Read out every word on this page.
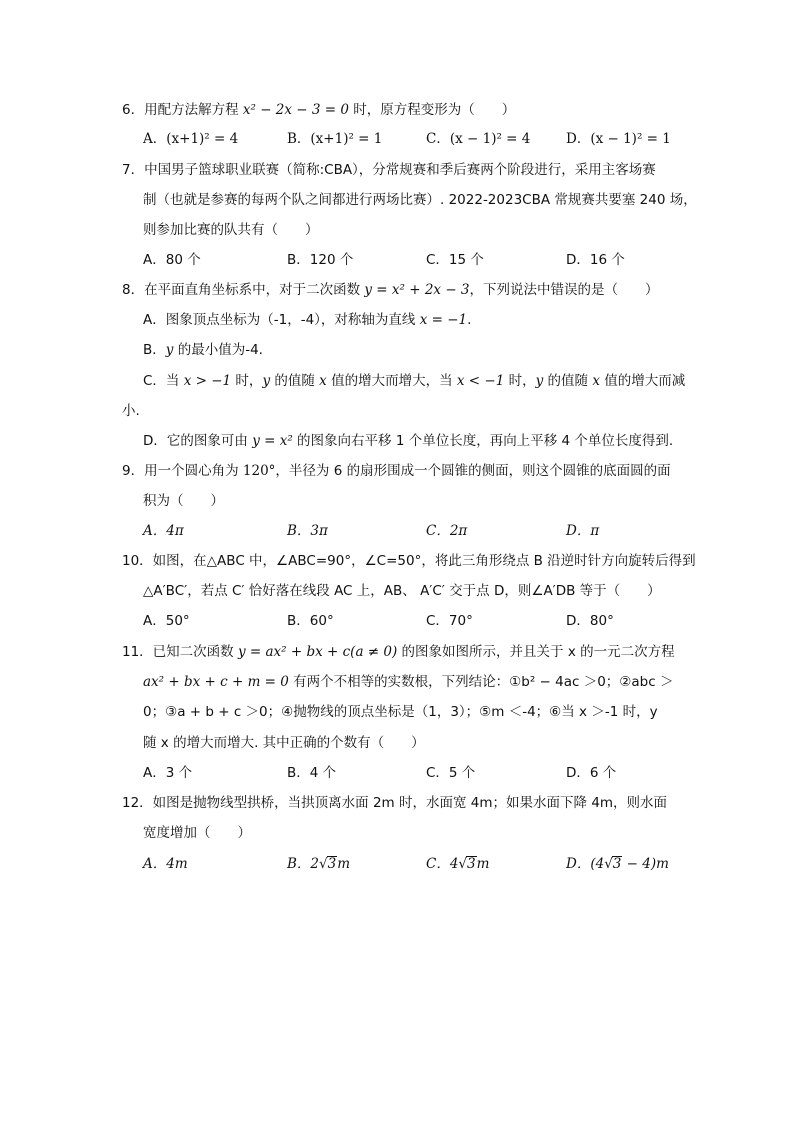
6．用配方法解方程 x² − 2x − 3 = 0 时，原方程变形为（　　）
A．(x+1)² = 4	B．(x+1)² = 1	C．(x − 1)² = 4	D．(x − 1)² = 1
7．中国男子篮球职业联赛（简称:CBA），分常规赛和季后赛两个阶段进行，采用主客场赛
制（也就是参赛的每两个队之间都进行两场比赛）. 2022-2023CBA 常规赛共要塞 240 场，
则参加比赛的队共有（　　）
A．80 个	B．120 个	C．15 个	D．16 个
8．在平面直角坐标系中，对于二次函数 y = x² + 2x − 3，下列说法中错误的是（　　）
A．图象顶点坐标为（-1，-4），对称轴为直线 x = −1.
B．y 的最小值为-4.
C．当 x > −1 时，y 的值随 x 值的增大而增大，当 x < −1 时，y 的值随 x 值的增大而减
小.
D．它的图象可由 y = x² 的图象向右平移 1 个单位长度，再向上平移 4 个单位长度得到.
9．用一个圆心角为 120°，半径为 6 的扇形围成一个圆锥的侧面，则这个圆锥的底面圆的面
积为（　　）
A．4π	B．3π	C．2π	D．π
10．如图，在△ABC 中，∠ABC=90°，∠C=50°，将此三角形绕点 B 沿逆时针方向旋转后得到
△A′BC′，若点 C′ 恰好落在线段 AC 上，AB、 A′C′ 交于点 D，则∠A′DB 等于（　　）
A．50°	B．60°	C．70°	D．80°
11．已知二次函数 y = ax² + bx + c(a ≠ 0) 的图象如图所示，并且关于 x 的一元二次方程
ax² + bx + c + m = 0 有两个不相等的实数根，下列结论：①b² − 4ac ＞0；②abc ＞
0；③a + b + c ＞0；④抛物线的顶点坐标是（1，3）；⑤m ＜-4；⑥当 x ＞-1 时，y
随 x 的增大而增大. 其中正确的个数有（　　）
A．3 个	B．4 个	C．5 个	D．6 个
12．如图是抛物线型拱桥，当拱顶离水面 2m 时，水面宽 4m；如果水面下降 4m，则水面
宽度增加（　　）
A．4m	B．2√3m	C．4√3m	D．(4√3 − 4)m
